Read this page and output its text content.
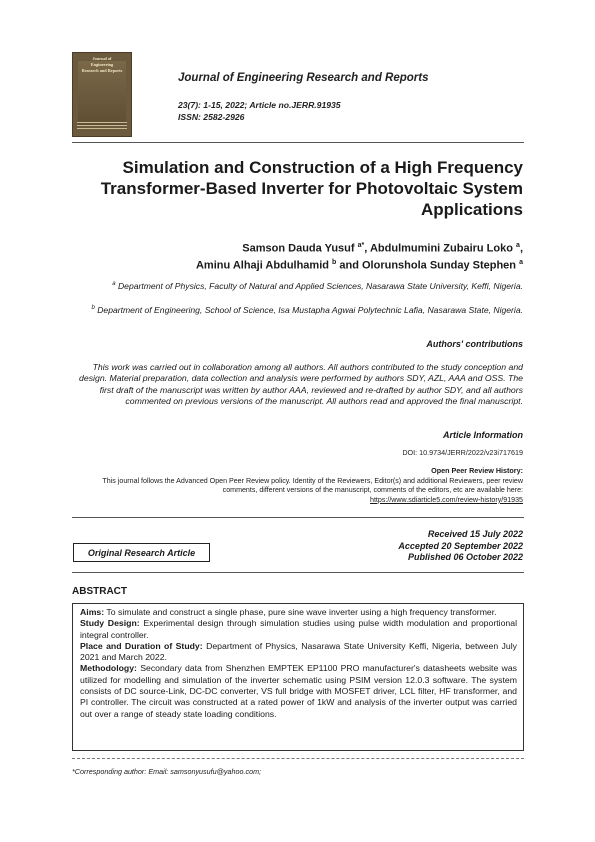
Journal of
Engineering
Research and Reports
Journal of Engineering Research and Reports
23(7): 1-15, 2022; Article no.JERR.91935
ISSN: 2582-2926
Simulation and Construction of a High Frequency Transformer-Based Inverter for Photovoltaic System Applications
Samson Dauda Yusuf $^{a*}$, Abdulmumini Zubairu Loko $^a$,
Aminu Alhaji Abdulhamid $^b$ and Olorunshola Sunday Stephen $^a$
$^a$ Department of Physics, Faculty of Natural and Applied Sciences, Nasarawa State University, Keffi, Nigeria.
$^b$ Department of Engineering, School of Science, Isa Mustapha Agwai Polytechnic Lafia, Nasarawa State, Nigeria.
Authors' contributions
This work was carried out in collaboration among all authors. All authors contributed to the study conception and design. Material preparation, data collection and analysis were performed by authors SDY, AZL, AAA and OSS. The first draft of the manuscript was written by author AAA, reviewed and re-drafted by author SDY, and all authors commented on previous versions of the manuscript. All authors read and approved the final manuscript.
Article Information
DOI: 10.9734/JERR/2022/v23i717619
Open Peer Review History:
This journal follows the Advanced Open Peer Review policy. Identity of the Reviewers, Editor(s) and additional Reviewers, peer review comments, different versions of the manuscript, comments of the editors, etc are available here:
https://www.sdiarticle5.com/review-history/91935
Original Research Article
Received 15 July 2022
Accepted 20 September 2022
Published 06 October 2022
ABSTRACT

Aims: To simulate and construct a single phase, pure sine wave inverter using a high frequency transformer.

Study Design: Experimental design through simulation studies using pulse width modulation and proportional integral controller.

Place and Duration of Study: Department of Physics, Nasarawa State University Keffi, Nigeria, between July 2021 and March 2022.

Methodology: Secondary data from Shenzhen EMPTEK EP1100 PRO manufacturer's datasheets website was utilized for modelling and simulation of the inverter schematic using PSIM version 12.0.3 software. The system consists of DC source-Link, DC-DC converter, VS full bridge with MOSFET driver, LCL filter, HF transformer, and PI controller. The circuit was constructed at a rated power of 1kW and analysis of the inverter output was carried out over a range of steady state loading conditions.

*Corresponding author: Email: samsonyusufu@yahoo.com;
